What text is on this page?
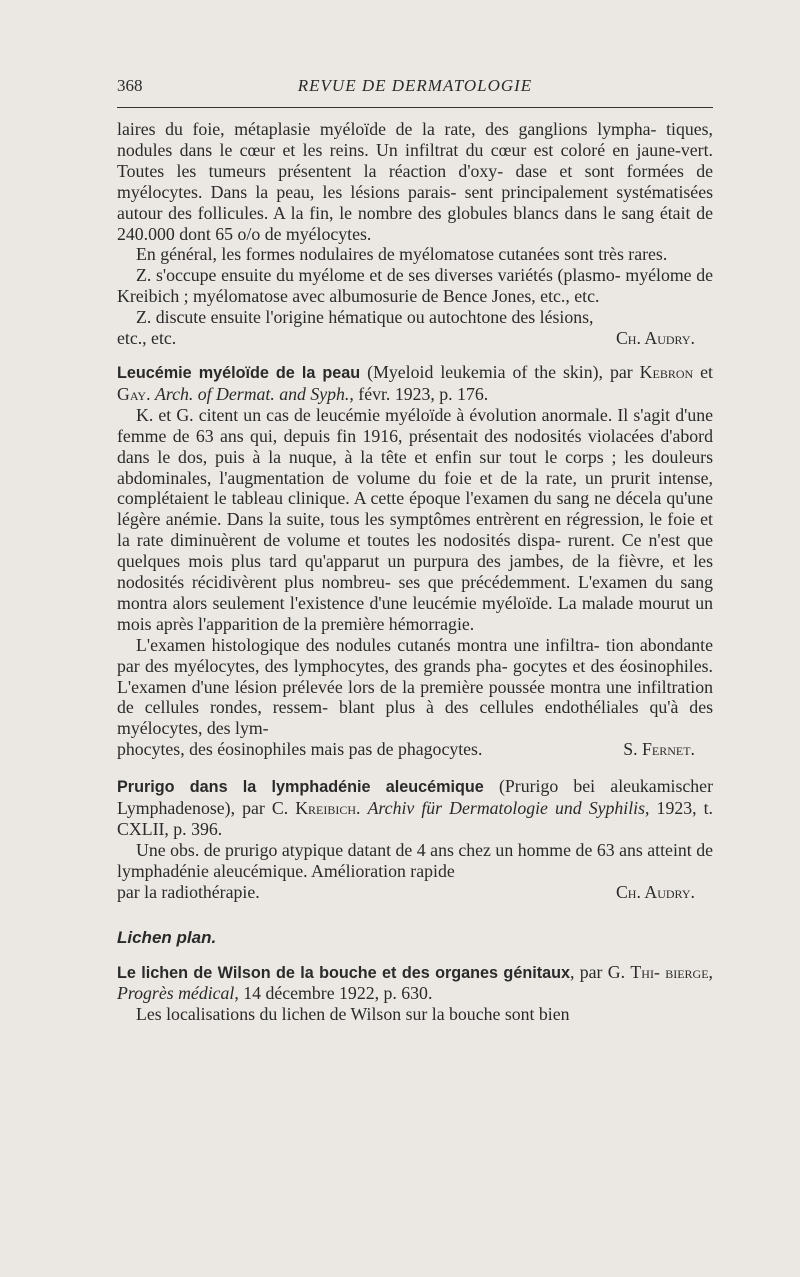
368	REVUE DE DERMATOLOGIE

laires du foie, métaplasie myéloïde de la rate, des ganglions lympha- tiques, nodules dans le cœur et les reins. Un infiltrat du cœur est coloré en jaune-vert. Toutes les tumeurs présentent la réaction d'oxy- dase et sont formées de myélocytes. Dans la peau, les lésions parais- sent principalement systématisées autour des follicules. A la fin, le nombre des globules blancs dans le sang était de 240.000 dont 65 o/o de myélocytes.

En général, les formes nodulaires de myélomatose cutanées sont très rares.

Z. s'occupe ensuite du myélome et de ses diverses variétés (plasmo- myélome de Kreibich ; myélomatose avec albumosurie de Bence Jones, etc., etc.

Z. discute ensuite l'origine hématique ou autochtone des lésions,

etc., etc.	Ch. Audry.

Leucémie myéloïde de la peau (Myeloid leukemia of the skin), par Kebron et Gay. Arch. of Dermat. and Syph., févr. 1923, p. 176.

K. et G. citent un cas de leucémie myéloïde à évolution anormale. Il s'agit d'une femme de 63 ans qui, depuis fin 1916, présentait des nodosités violacées d'abord dans le dos, puis à la nuque, à la tête et enfin sur tout le corps ; les douleurs abdominales, l'augmentation de volume du foie et de la rate, un prurit intense, complétaient le tableau clinique. A cette époque l'examen du sang ne décela qu'une légère anémie. Dans la suite, tous les symptômes entrèrent en régression, le foie et la rate diminuèrent de volume et toutes les nodosités dispa- rurent. Ce n'est que quelques mois plus tard qu'apparut un purpura des jambes, de la fièvre, et les nodosités récidivèrent plus nombreu- ses que précédemment. L'examen du sang montra alors seulement l'existence d'une leucémie myéloïde. La malade mourut un mois après l'apparition de la première hémorragie.

L'examen histologique des nodules cutanés montra une infiltra- tion abondante par des myélocytes, des lymphocytes, des grands pha- gocytes et des éosinophiles. L'examen d'une lésion prélevée lors de la première poussée montra une infiltration de cellules rondes, ressem- blant plus à des cellules endothéliales qu'à des myélocytes, des lym-

phocytes, des éosinophiles mais pas de phagocytes.	S. Fernet.

Prurigo dans la lymphadénie aleucémique (Prurigo bei aleukamischer Lymphadenose), par C. Kreibich. Archiv für Dermatologie und Syphilis, 1923, t. CXLII, p. 396.

Une obs. de prurigo atypique datant de 4 ans chez un homme de 63 ans atteint de lymphadénie aleucémique. Amélioration rapide

par la radiothérapie.	Ch. Audry.

Lichen plan.

Le lichen de Wilson de la bouche et des organes génitaux, par G. Thi- bierge, Progrès médical, 14 décembre 1922, p. 630.

Les localisations du lichen de Wilson sur la bouche sont bien
